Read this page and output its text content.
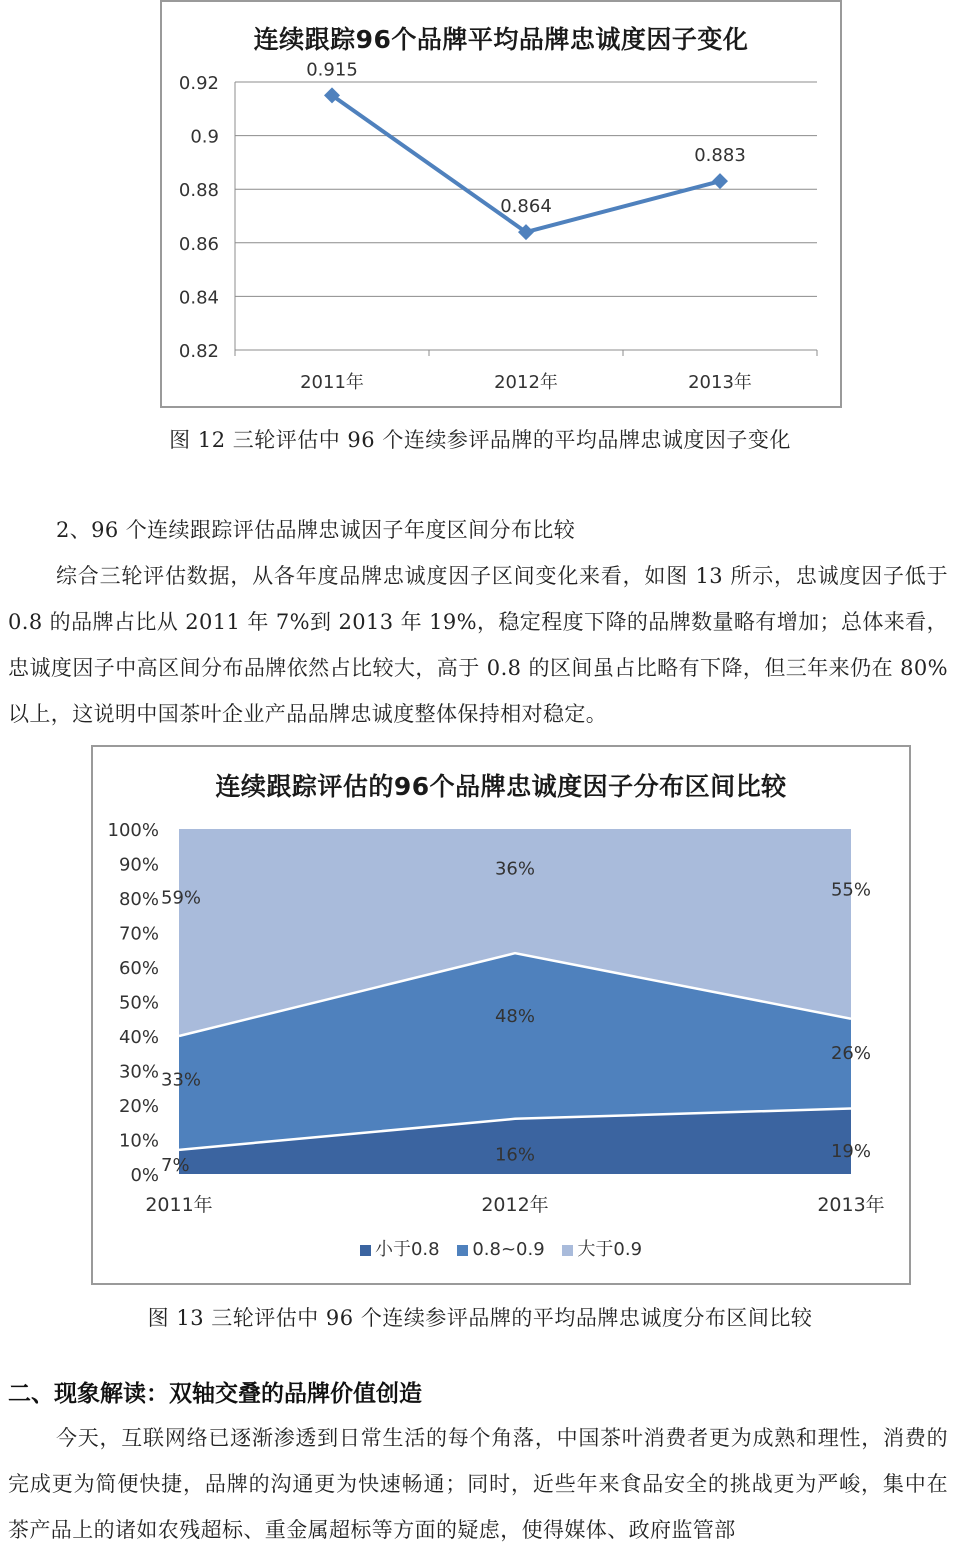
连续跟踪96个品牌平均品牌忠诚度因子变化
0.82
0.84
0.86
0.88
0.9
0.92
2011年	2012年	2013年
0.915
0.864
0.883
图 12 三轮评估中 96 个连续参评品牌的平均品牌忠诚度因子变化
2、96 个连续跟踪评估品牌忠诚因子年度区间分布比较
综合三轮评估数据，从各年度品牌忠诚度因子区间变化来看，如图 13 所示，忠诚度因子低于 0.8 的品牌占比从 2011 年 7%到 2013 年 19%，稳定程度下降的品牌数量略有增加；总体来看，忠诚度因子中高区间分布品牌依然占比较大，高于 0.8 的区间虽占比略有下降，但三年来仍在 80%以上，这说明中国茶叶企业产品品牌忠诚度整体保持相对稳定。
连续跟踪评估的96个品牌忠诚度因子分布区间比较
0%
10%
20%
30%
40%
50%
60%
70%
80%
90%
100%
2011年	2012年	2013年
7%	16%	19%
33%
48%
26%
59%
36%
55%
小于0.8 0.8~0.9 大于0.9
图 13 三轮评估中 96 个连续参评品牌的平均品牌忠诚度分布区间比较
二、现象解读：双轴交叠的品牌价值创造
今天，互联网络已逐渐渗透到日常生活的每个角落，中国茶叶消费者更为成熟和理性，消费的完成更为简便快捷，品牌的沟通更为快速畅通；同时，近些年来食品安全的挑战更为严峻，集中在茶产品上的诸如农残超标、重金属超标等方面的疑虑，使得媒体、政府监管部
